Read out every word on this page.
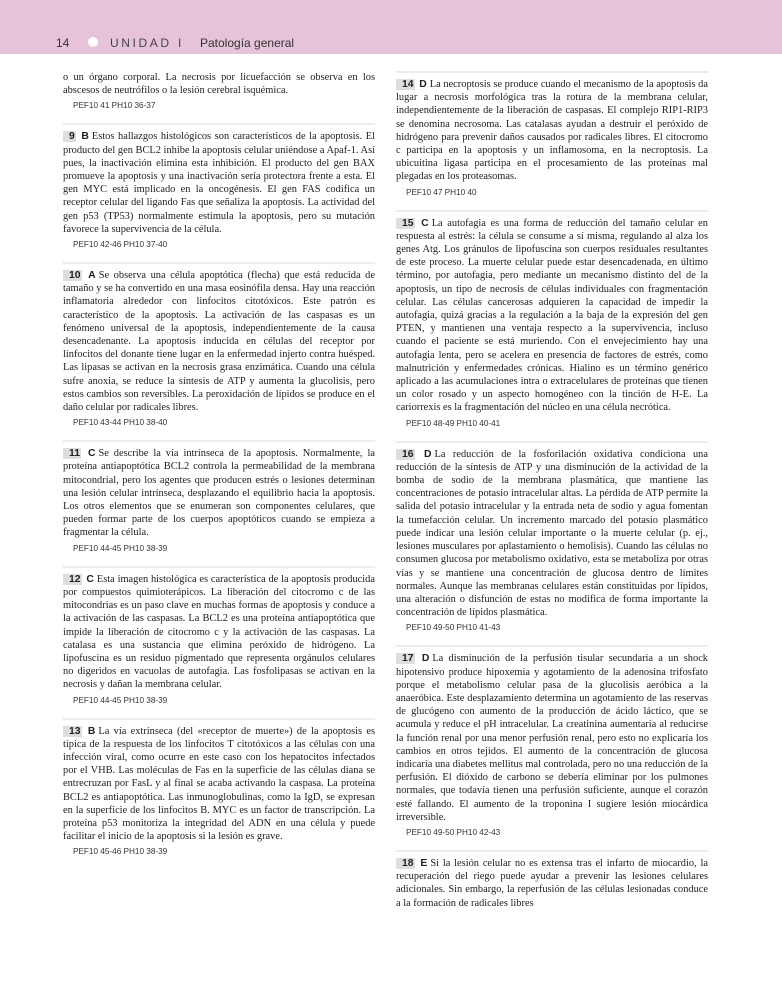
14	UNIDAD I Patología general

o un órgano corporal. La necrosis por licuefacción se observa en los abscesos de neutrófilos o la lesión cerebral isquémica.

PEF10 41 PH10 36-37

9 B Estos hallazgos histológicos son característicos de la apoptosis. El producto del gen BCL2 inhibe la apoptosis celular uniéndose a Apaf-1. Así pues, la inactivación elimina esta inhibición. El producto del gen BAX promueve la apoptosis y una inactivación sería protectora frente a esta. El gen MYC está implicado en la oncogénesis. El gen FAS codifica un receptor celular del ligando Fas que señaliza la apoptosis. La actividad del gen p53 (TP53) normalmente estimula la apoptosis, pero su mutación favorece la supervivencia de la célula.

PEF10 42-46 PH10 37-40

10 A Se observa una célula apoptótica (flecha) que está reducida de tamaño y se ha convertido en una masa eosinófila densa. Hay una reacción inflamatoria alrededor con linfocitos citotóxicos. Este patrón es característico de la apoptosis. La activación de las caspasas es un fenómeno universal de la apoptosis, independientemente de la causa desencadenante. La apoptosis inducida en células del receptor por linfocitos del donante tiene lugar en la enfermedad injerto contra huésped. Las lipasas se activan en la necrosis grasa enzimática. Cuando una célula sufre anoxia, se reduce la síntesis de ATP y aumenta la glucolisis, pero estos cambios son reversibles. La peroxidación de lípidos se produce en el daño celular por radicales libres.

PEF10 43-44 PH10 38-40

11 C Se describe la vía intrínseca de la apoptosis. Normalmente, la proteína antiapoptótica BCL2 controla la permeabilidad de la membrana mitocondrial, pero los agentes que producen estrés o lesiones determinan una lesión celular intrínseca, desplazando el equilibrio hacia la apoptosis. Los otros elementos que se enumeran son componentes celulares, que pueden formar parte de los cuerpos apoptóticos cuando se empieza a fragmentar la célula.

PEF10 44-45 PH10 38-39

12 C Esta imagen histológica es característica de la apoptosis producida por compuestos quimioterápicos. La liberación del citocromo c de las mitocondrias es un paso clave en muchas formas de apoptosis y conduce a la activación de las caspasas. La BCL2 es una proteína antiapoptótica que impide la liberación de citocromo c y la activación de las caspasas. La catalasa es una sustancia que elimina peróxido de hidrógeno. La lipofuscina es un residuo pigmentado que representa orgánulos celulares no digeridos en vacuolas de autofagia. Las fosfolipasas se activan en la necrosis y dañan la membrana celular.

PEF10 44-45 PH10 38-39

13 B La vía extrínseca (del «receptor de muerte») de la apoptosis es típica de la respuesta de los linfocitos T citotóxicos a las células con una infección viral, como ocurre en este caso con los hepatocitos infectados por el VHB. Las moléculas de Fas en la superficie de las células diana se entrecruzan por FasL y al final se acaba activando la caspasa. La proteína BCL2 es antiapoptótica. Las inmunoglobulinas, como la IgD, se expresan en la superficie de los linfocitos B. MYC es un factor de transcripción. La proteína p53 monitoriza la integridad del ADN en una célula y puede facilitar el inicio de la apoptosis si la lesión es grave.

PEF10 45-46 PH10 38-39

14 D La necroptosis se produce cuando el mecanismo de la apoptosis da lugar a necrosis morfológica tras la rotura de la membrana celular, independientemente de la liberación de caspasas. El complejo RIP1-RIP3 se denomina necrosoma. Las catalasas ayudan a destruir el peróxido de hidrógeno para prevenir daños causados por radicales libres. El citocromo c participa en la apoptosis y un inflamosoma, en la necroptosis. La ubicuitina ligasa participa en el procesamiento de las proteínas mal plegadas en los proteasomas.

PEF10 47 PH10 40

15 C La autofagia es una forma de reducción del tamaño celular en respuesta al estrés: la célula se consume a sí misma, regulando al alza los genes Atg. Los gránulos de lipofuscina son cuerpos residuales resultantes de este proceso. La muerte celular puede estar desencadenada, en último término, por autofagia, pero mediante un mecanismo distinto del de la apoptosis, un tipo de necrosis de células individuales con fragmentación celular. Las células cancerosas adquieren la capacidad de impedir la autofagia, quizá gracias a la regulación a la baja de la expresión del gen PTEN, y mantienen una ventaja respecto a la supervivencia, incluso cuando el paciente se está muriendo. Con el envejecimiento hay una autofagia lenta, pero se acelera en presencia de factores de estrés, como malnutrición y enfermedades crónicas. Hialino es un término genérico aplicado a las acumulaciones intra o extracelulares de proteínas que tienen un color rosado y un aspecto homogéneo con la tinción de H-E. La cariorrexis es la fragmentación del núcleo en una célula necrótica.

PEF10 48-49 PH10 40-41

16 D La reducción de la fosforilación oxidativa condiciona una reducción de la síntesis de ATP y una disminución de la actividad de la bomba de sodio de la membrana plasmática, que mantiene las concentraciones de potasio intracelular altas. La pérdida de ATP permite la salida del potasio intracelular y la entrada neta de sodio y agua fomentan la tumefacción celular. Un incremento marcado del potasio plasmático puede indicar una lesión celular importante o la muerte celular (p. ej., lesiones musculares por aplastamiento o hemolisis). Cuando las células no consumen glucosa por metabolismo oxidativo, esta se metaboliza por otras vías y se mantiene una concentración de glucosa dentro de límites normales. Aunque las membranas celulares están constituidas por lípidos, una alteración o disfunción de estas no modifica de forma importante la concentración de lípidos plasmática.

PEF10 49-50 PH10 41-43

17 D La disminución de la perfusión tisular secundaria a un shock hipotensivo produce hipoxemia y agotamiento de la adenosina trifosfato porque el metabolismo celular pasa de la glucolisis aeróbica a la anaeróbica. Este desplazamiento determina un agotamiento de las reservas de glucógeno con aumento de la producción de ácido láctico, que se acumula y reduce el pH intracelular. La creatinina aumentaría al reducirse la función renal por una menor perfusión renal, pero esto no explicaría los cambios en otros tejidos. El aumento de la concentración de glucosa indicaría una diabetes mellitus mal controlada, pero no una reducción de la perfusión. El dióxido de carbono se debería eliminar por los pulmones normales, que todavía tienen una perfusión suficiente, aunque el corazón esté fallando. El aumento de la troponina I sugiere lesión miocárdica irreversible.

PEF10 49-50 PH10 42-43

18 E Si la lesión celular no es extensa tras el infarto de miocardio, la recuperación del riego puede ayudar a prevenir las lesiones celulares adicionales. Sin embargo, la reperfusión de las células lesionadas conduce a la formación de radicales libres
